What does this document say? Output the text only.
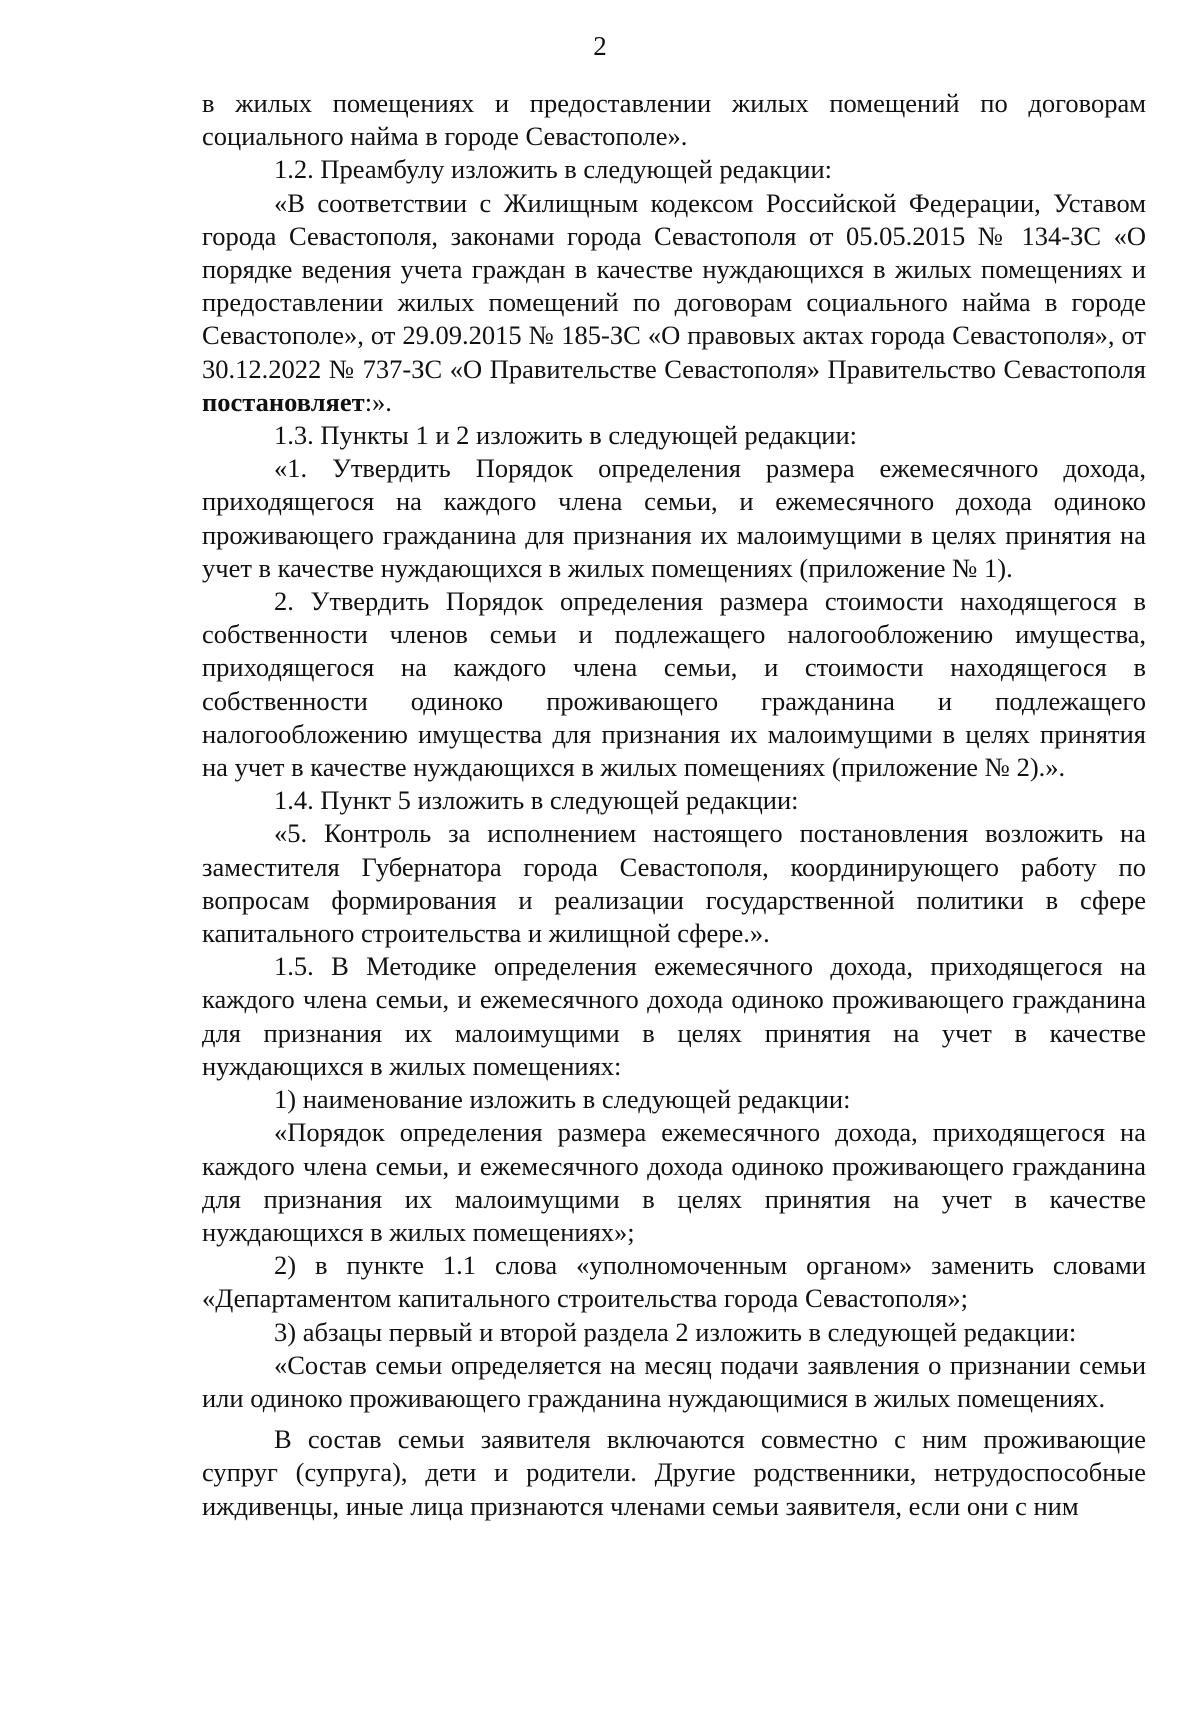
2

в жилых помещениях и предоставлении жилых помещений по договорам социального найма в городе Севастополе».

1.2. Преамбулу изложить в следующей редакции:

«В соответствии с Жилищным кодексом Российской Федерации, Уставом города Севастополя, законами города Севастополя от 05.05.2015 № 134-ЗС «О порядке ведения учета граждан в качестве нуждающихся в жилых помещениях и предоставлении жилых помещений по договорам социального найма в городе Севастополе», от 29.09.2015 № 185-ЗС «О правовых актах города Севастополя», от 30.12.2022 № 737-ЗС «О Правительстве Севастополя» Правительство Севастополя постановляет:».

1.3. Пункты 1 и 2 изложить в следующей редакции:

«1. Утвердить Порядок определения размера ежемесячного дохода, приходящегося на каждого члена семьи, и ежемесячного дохода одиноко проживающего гражданина для признания их малоимущими в целях принятия на учет в качестве нуждающихся в жилых помещениях (приложение № 1).

2. Утвердить Порядок определения размера стоимости находящегося в собственности членов семьи и подлежащего налогообложению имущества, приходящегося на каждого члена семьи, и стоимости находящегося в собственности одиноко проживающего гражданина и подлежащего налогообложению имущества для признания их малоимущими в целях принятия на учет в качестве нуждающихся в жилых помещениях (приложение № 2).».

1.4. Пункт 5 изложить в следующей редакции:

«5. Контроль за исполнением настоящего постановления возложить на заместителя Губернатора города Севастополя, координирующего работу по вопросам формирования и реализации государственной политики в сфере капитального строительства и жилищной сфере.».

1.5. В Методике определения ежемесячного дохода, приходящегося на каждого члена семьи, и ежемесячного дохода одиноко проживающего гражданина для признания их малоимущими в целях принятия на учет в качестве нуждающихся в жилых помещениях:

1) наименование изложить в следующей редакции:

«Порядок определения размера ежемесячного дохода, приходящегося на каждого члена семьи, и ежемесячного дохода одиноко проживающего гражданина для признания их малоимущими в целях принятия на учет в качестве нуждающихся в жилых помещениях»;

2) в пункте 1.1 слова «уполномоченным органом» заменить словами «Департаментом капитального строительства города Севастополя»;

3) абзацы первый и второй раздела 2 изложить в следующей редакции:

«Состав семьи определяется на месяц подачи заявления о признании семьи или одиноко проживающего гражданина нуждающимися в жилых помещениях.

В состав семьи заявителя включаются совместно с ним проживающие супруг (супруга), дети и родители. Другие родственники, нетрудоспособные иждивенцы, иные лица признаются членами семьи заявителя, если они с ним
